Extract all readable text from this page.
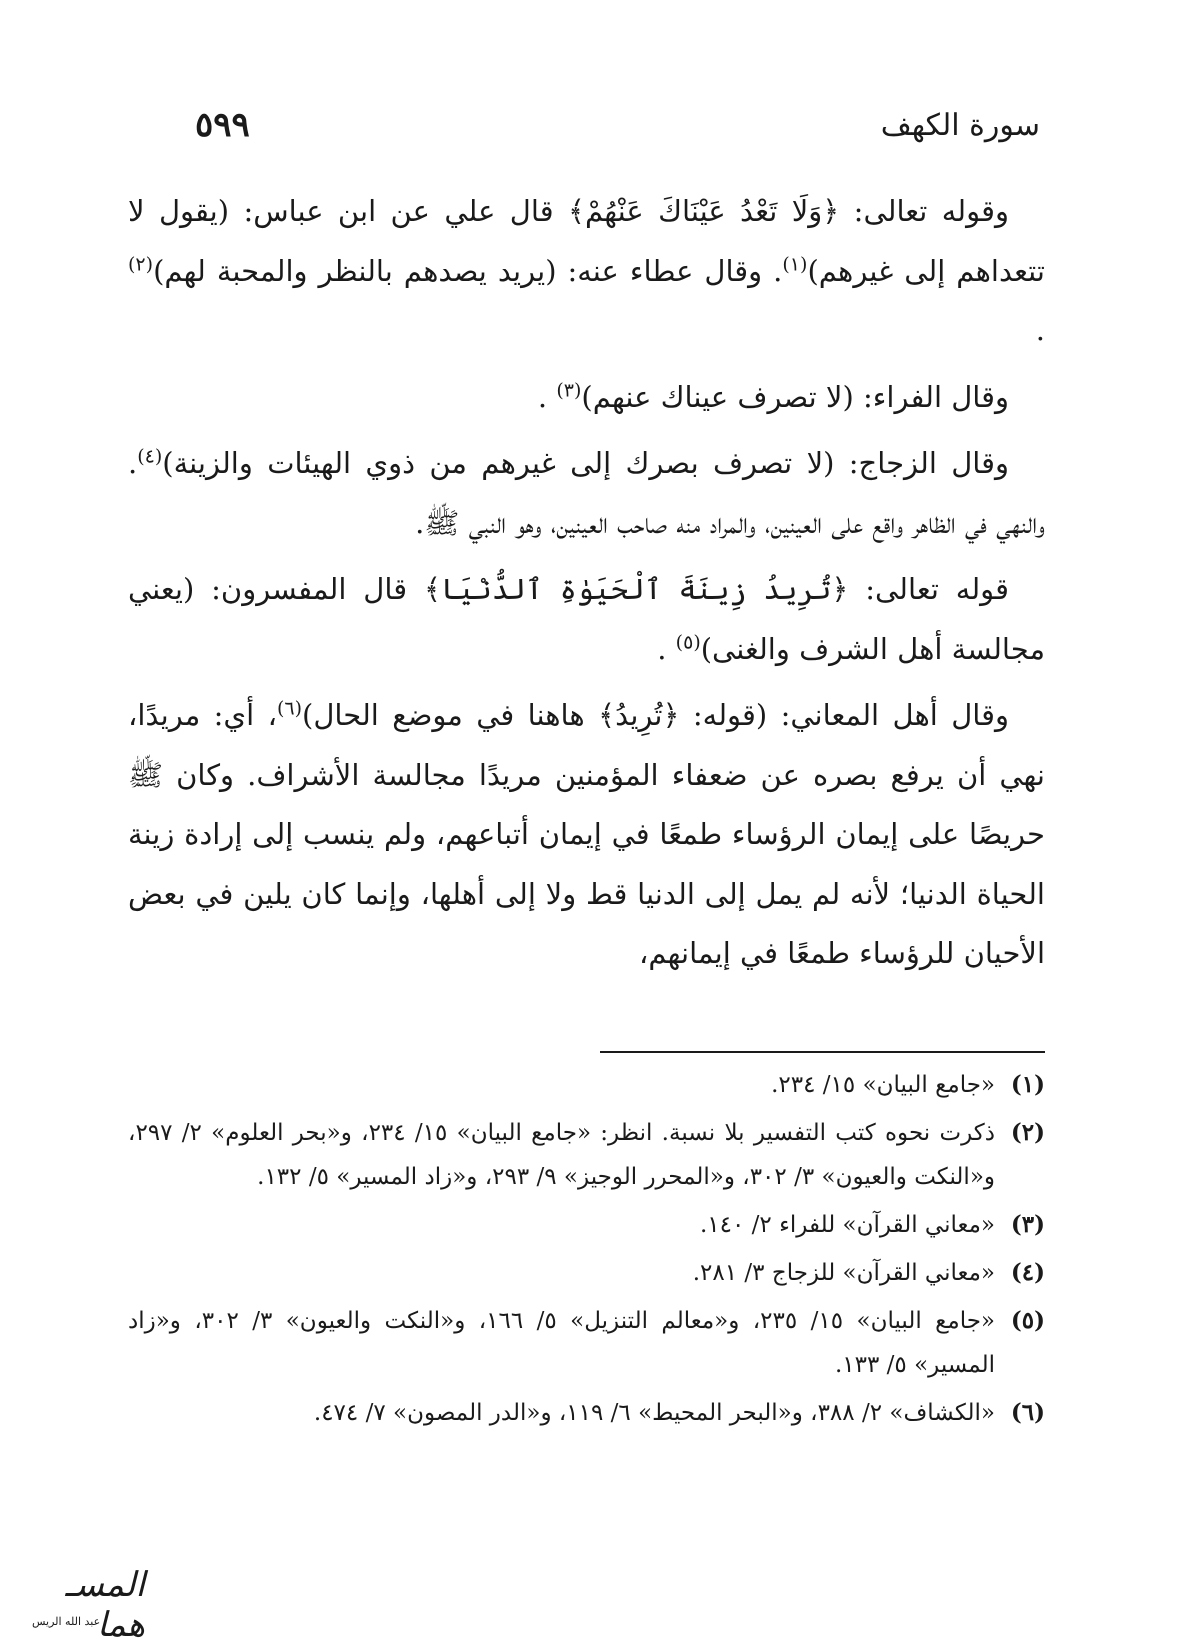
سورة الكهف
٥٩٩

وقوله تعالى: ﴿وَلَا تَعْدُ عَيْنَاكَ عَنْهُمْ﴾ قال علي عن ابن عباس: (يقول لا تتعداهم إلى غيرهم)$^{(١)}$. وقال عطاء عنه: (يريد يصدهم بالنظر والمحبة لهم)$^{(٢)}$ .

وقال الفراء: (لا تصرف عيناك عنهم)$^{(٣)}$ .

وقال الزجاج: (لا تصرف بصرك إلى غيرهم من ذوي الهيئات والزينة)$^{(٤)}$. والنهي في الظاهر واقع على العينين، والمراد منه صاحب العينين، وهو النبي ﷺ.

قوله تعالى: ﴿تُرِيدُ زِينَةَ ٱلْحَيَوٰةِ ٱلدُّنْيَا﴾ قال المفسرون: (يعني مجالسة أهل الشرف والغنى)$^{(٥)}$ .

وقال أهل المعاني: (قوله: ﴿تُرِيدُ﴾ هاهنا في موضع الحال)$^{(٦)}$، أي: مريدًا، نهي أن يرفع بصره عن ضعفاء المؤمنين مريدًا مجالسة الأشراف. وكان ﷺ حريصًا على إيمان الرؤساء طمعًا في إيمان أتباعهم، ولم ينسب إلى إرادة زينة الحياة الدنيا؛ لأنه لم يمل إلى الدنيا قط ولا إلى أهلها، وإنما كان يلين في بعض الأحيان للرؤساء طمعًا في إيمانهم،

(١)
«جامع البيان» ١٥/ ٢٣٤.
(٢)
ذكرت نحوه كتب التفسير بلا نسبة. انظر: «جامع البيان» ١٥/ ٢٣٤، و«بحر العلوم» ٢/ ٢٩٧، و«النكت والعيون» ٣/ ٣٠٢، و«المحرر الوجيز» ٩/ ٢٩٣، و«زاد المسير» ٥/ ١٣٢.
(٣)
«معاني القرآن» للفراء ٢/ ١٤٠.
(٤)
«معاني القرآن» للزجاج ٣/ ٢٨١.
(٥)
«جامع البيان» ١٥/ ٢٣٥، و«معالم التنزيل» ٥/ ١٦٦، و«النكت والعيون» ٣/ ٣٠٢، و«زاد المسير» ٥/ ١٣٣.
(٦)
«الكشاف» ٢/ ٣٨٨، و«البحر المحيط» ٦/ ١١٩، و«الدر المصون» ٧/ ٤٧٤.
المسـ هما
عبد الله الريس
